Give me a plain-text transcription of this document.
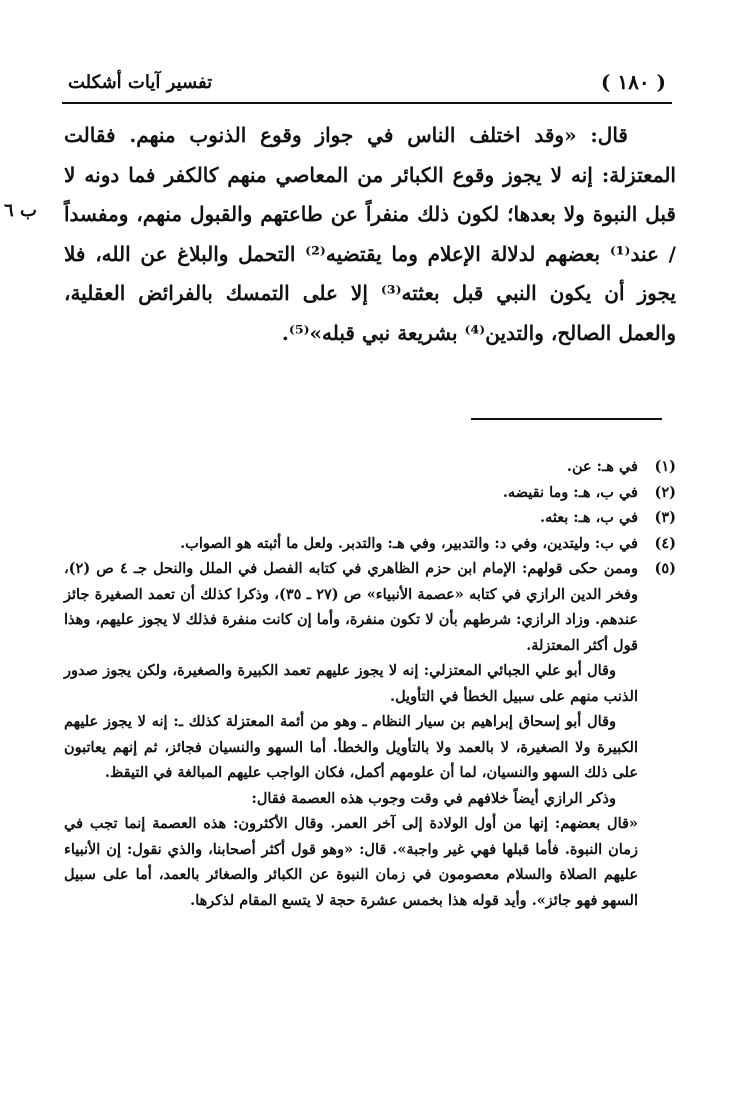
( ١٨٠ )
تفسير آيات أشكلت

قال: «وقد اختلف الناس في جواز وقوع الذنوب منهم. فقالت المعتزلة: إنه لا يجوز وقوع الكبائر من المعاصي منهم كالكفر فما دونه لا قبل النبوة ولا بعدها؛ لكون ذلك منفراً عن طاعتهم والقبول منهم، ومفسداً / عند⁽¹⁾ بعضهم لدلالة الإعلام وما يقتضيه⁽²⁾ التحمل والبلاغ عن الله، فلا يجوز أن يكون النبي قبل بعثته⁽³⁾ إلا على التمسك بالفرائض العقلية، والعمل الصالح، والتدين⁽⁴⁾ بشريعة نبي قبله»⁽⁵⁾.

ب ٦
(١)

في هـ: عن.

(٢)

في ب، هـ: وما نقيضه.

(٣)

في ب، هـ: بعثه.

(٤)

في ب: وليتدين، وفي د: والتدبير، وفي هـ: والتدبر. ولعل ما أثبته هو الصواب.

(٥)

وممن حكى قولهم: الإمام ابن حزم الظاهري في كتابه الفصل في الملل والنحل جـ ٤ ص (٢)، وفخر الدين الرازي في كتابه «عصمة الأنبياء» ص (٢٧ ـ ٣٥)، وذكرا كذلك أن تعمد الصغيرة جائز عندهم. وزاد الرازي: شرطهم بأن لا تكون منفرة، وأما إن كانت منفرة فذلك لا يجوز عليهم، وهذا قول أكثر المعتزلة.

وقال أبو علي الجبائي المعتزلي: إنه لا يجوز عليهم تعمد الكبيرة والصغيرة، ولكن يجوز صدور الذنب منهم على سبيل الخطأ في التأويل.

وقال أبو إسحاق إبراهيم بن سيار النظام ـ وهو من أئمة المعتزلة كذلك ـ: إنه لا يجوز عليهم الكبيرة ولا الصغيرة، لا بالعمد ولا بالتأويل والخطأ. أما السهو والنسيان فجائز، ثم إنهم يعاتبون على ذلك السهو والنسيان، لما أن علومهم أكمل، فكان الواجب عليهم المبالغة في التيقظ.

وذكر الرازي أيضاً خلافهم في وقت وجوب هذه العصمة فقال:

«قال بعضهم: إنها من أول الولادة إلى آخر العمر. وقال الأكثرون: هذه العصمة إنما تجب في زمان النبوة. فأما قبلها فهي غير واجبة». قال: «وهو قول أكثر أصحابنا، والذي نقول: إن الأنبياء عليهم الصلاة والسلام معصومون في زمان النبوة عن الكبائر والصغائر بالعمد، أما على سبيل السهو فهو جائز». وأيد قوله هذا بخمس عشرة حجة لا يتسع المقام لذكرها.
